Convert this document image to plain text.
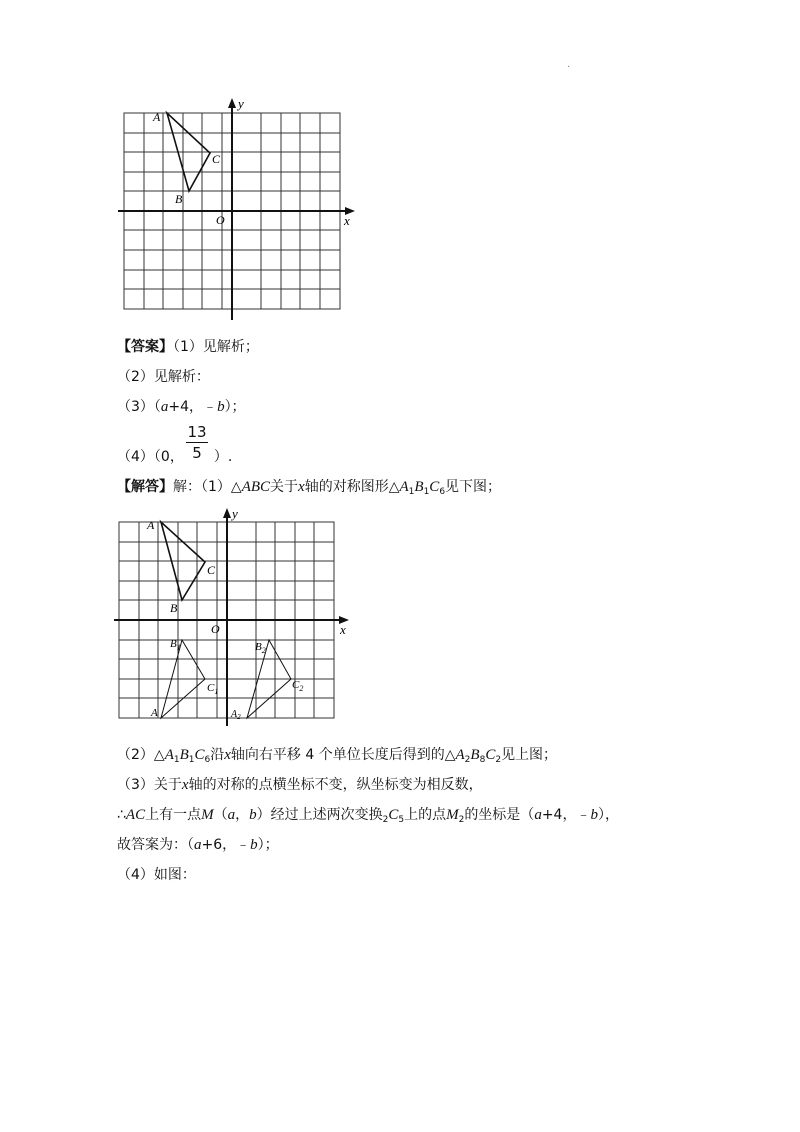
·
A
B
C
O	x
y
【答案】（1）见解析；
（2）见解析：
（3）（a+4，﹣b）；
（4）（0， ）.
$\frac{13}{5}$
【解答】解：（1）△ABC关于x轴的对称图形$\triangle A_1B_1C_6$见下图；
A
B
C
O	x
y
$B_1$
$C_1$
A
$B_2$
$C_2$
$A_2$
$(2)\triangle A_1B_1C_6$沿x轴向右平移 4 个单位长度后得到的$\triangle A_2B_8C_2$见上图；
（3）关于x轴的对称的点横坐标不变，纵坐标变为相反数，
∴AC上有一点M（a，b）经过上述两次变换$_2C_5$上的点$M_2$的坐标是（a+4，﹣b），
故答案为：（a+6，﹣b）；
（4）如图：
